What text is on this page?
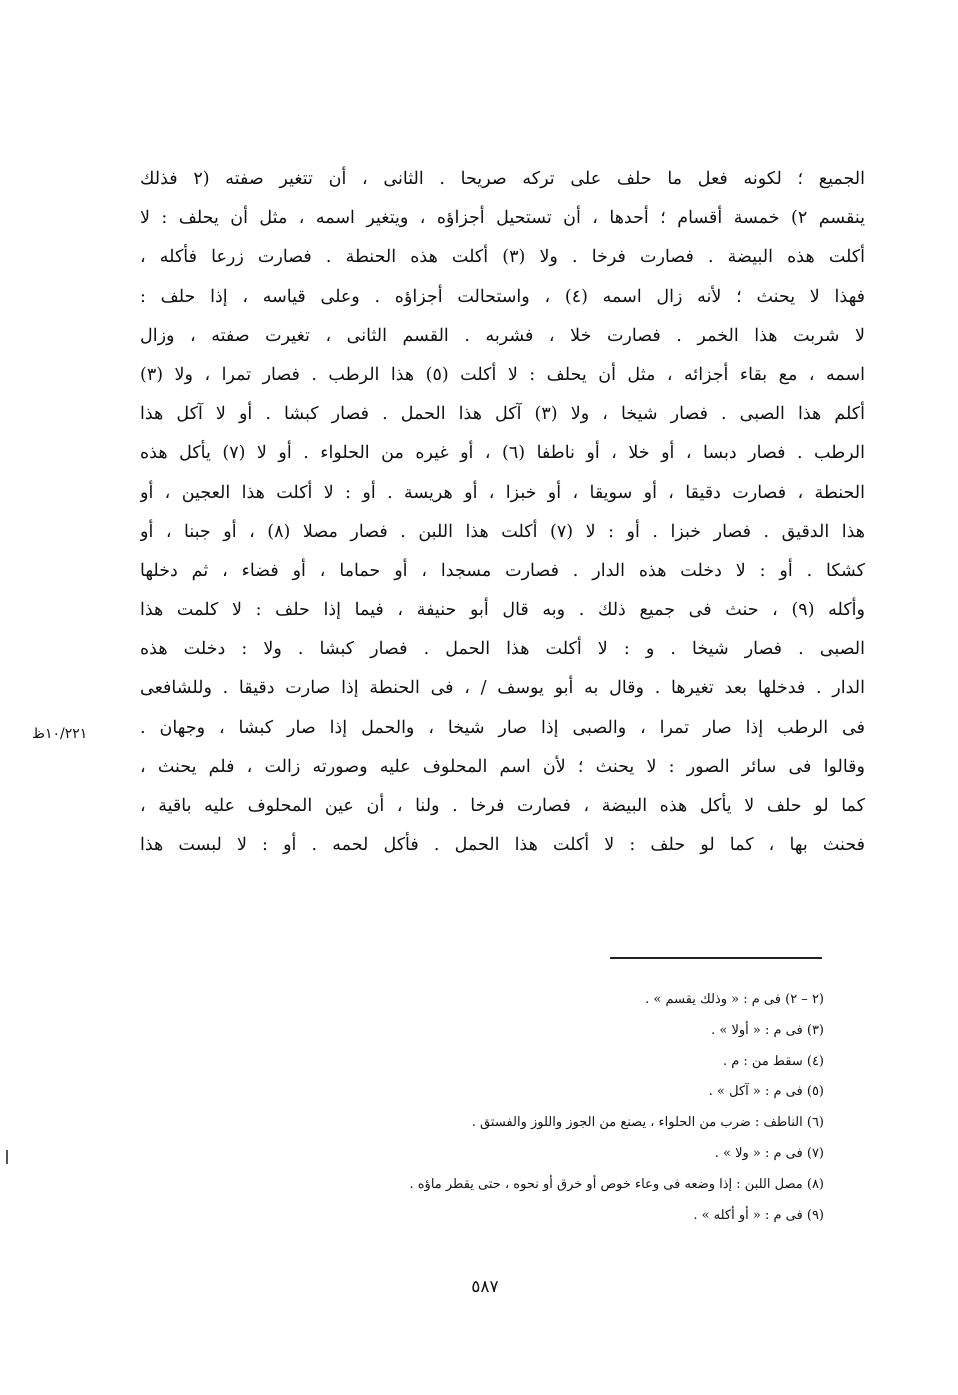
الجميع ؛ لكونه فعل ما حلف على تركه صريحا . الثانى ، أن تتغير صفته (٢ فذلك
ينقسم ٢) خمسة أقسام ؛ أحدها ، أن تستحيل أجزاؤه ، ويتغير اسمه ، مثل أن يحلف : لا
أكلت هذه البيضة . فصارت فرخا . ولا (٣) أكلت هذه الحنطة . فصارت زرعا فأكله ،
فهذا لا يحنث ؛ لأنه زال اسمه (٤) ، واستحالت أجزاؤه . وعلى قياسه ، إذا حلف :
لا شربت هذا الخمر . فصارت خلا ، فشربه . القسم الثانى ، تغيرت صفته ، وزال
اسمه ، مع بقاء أجزائه ، مثل أن يحلف : لا أكلت (٥) هذا الرطب . فصار تمرا ، ولا (٣)
أكلم هذا الصبى . فصار شيخا ، ولا (٣) آكل هذا الحمل . فصار كبشا . أو لا آكل هذا
الرطب . فصار دبسا ، أو خلا ، أو ناطفا (٦) ، أو غيره من الحلواء . أو لا (٧) يأكل هذه
الحنطة ، فصارت دقيقا ، أو سويقا ، أو خبزا ، أو هريسة . أو : لا أكلت هذا العجين ، أو
هذا الدقيق . فصار خبزا . أو : لا (٧) أكلت هذا اللبن . فصار مصلا (٨) ، أو جبنا ، أو
كشكا . أو : لا دخلت هذه الدار . فصارت مسجدا ، أو حماما ، أو فضاء ، ثم دخلها
وأكله (٩) ، حنث فى جميع ذلك . وبه قال أبو حنيفة ، فيما إذا حلف : لا كلمت هذا
الصبى . فصار شيخا . و : لا أكلت هذا الحمل . فصار كبشا . ولا : دخلت هذه
الدار . فدخلها بعد تغيرها . وقال به أبو يوسف / ، فى الحنطة إذا صارت دقيقا . وللشافعى
فى الرطب إذا صار تمرا ، والصبى إذا صار شيخا ، والحمل إذا صار كبشا ، وجهان .
وقالوا فى سائر الصور : لا يحنث ؛ لأن اسم المحلوف عليه وصورته زالت ، فلم يحنث ،
كما لو حلف لا يأكل هذه البيضة ، فصارت فرخا . ولنا ، أن عين المحلوف عليه باقية ،
فحنث بها ، كما لو حلف : لا أكلت هذا الحمل . فأكل لحمه . أو : لا لبست هذا
١٠/٢٢١ظ
(٢ – ٢) فى م : « وذلك يقسم » .
(٣) فى م : « أولا » .
(٤) سقط من : م .
(٥) فى م : « آكل » .
(٦) الناطف : ضرب من الحلواء ، يصنع من الجوز واللوز والفستق .
(٧) فى م : « ولا » .
(٨) مصل اللبن : إذا وضعه فى وعاء خوص أو خرق أو نحوه ، حتى يقطر ماؤه .
(٩) فى م : « أو أكله » .
٥٨٧
